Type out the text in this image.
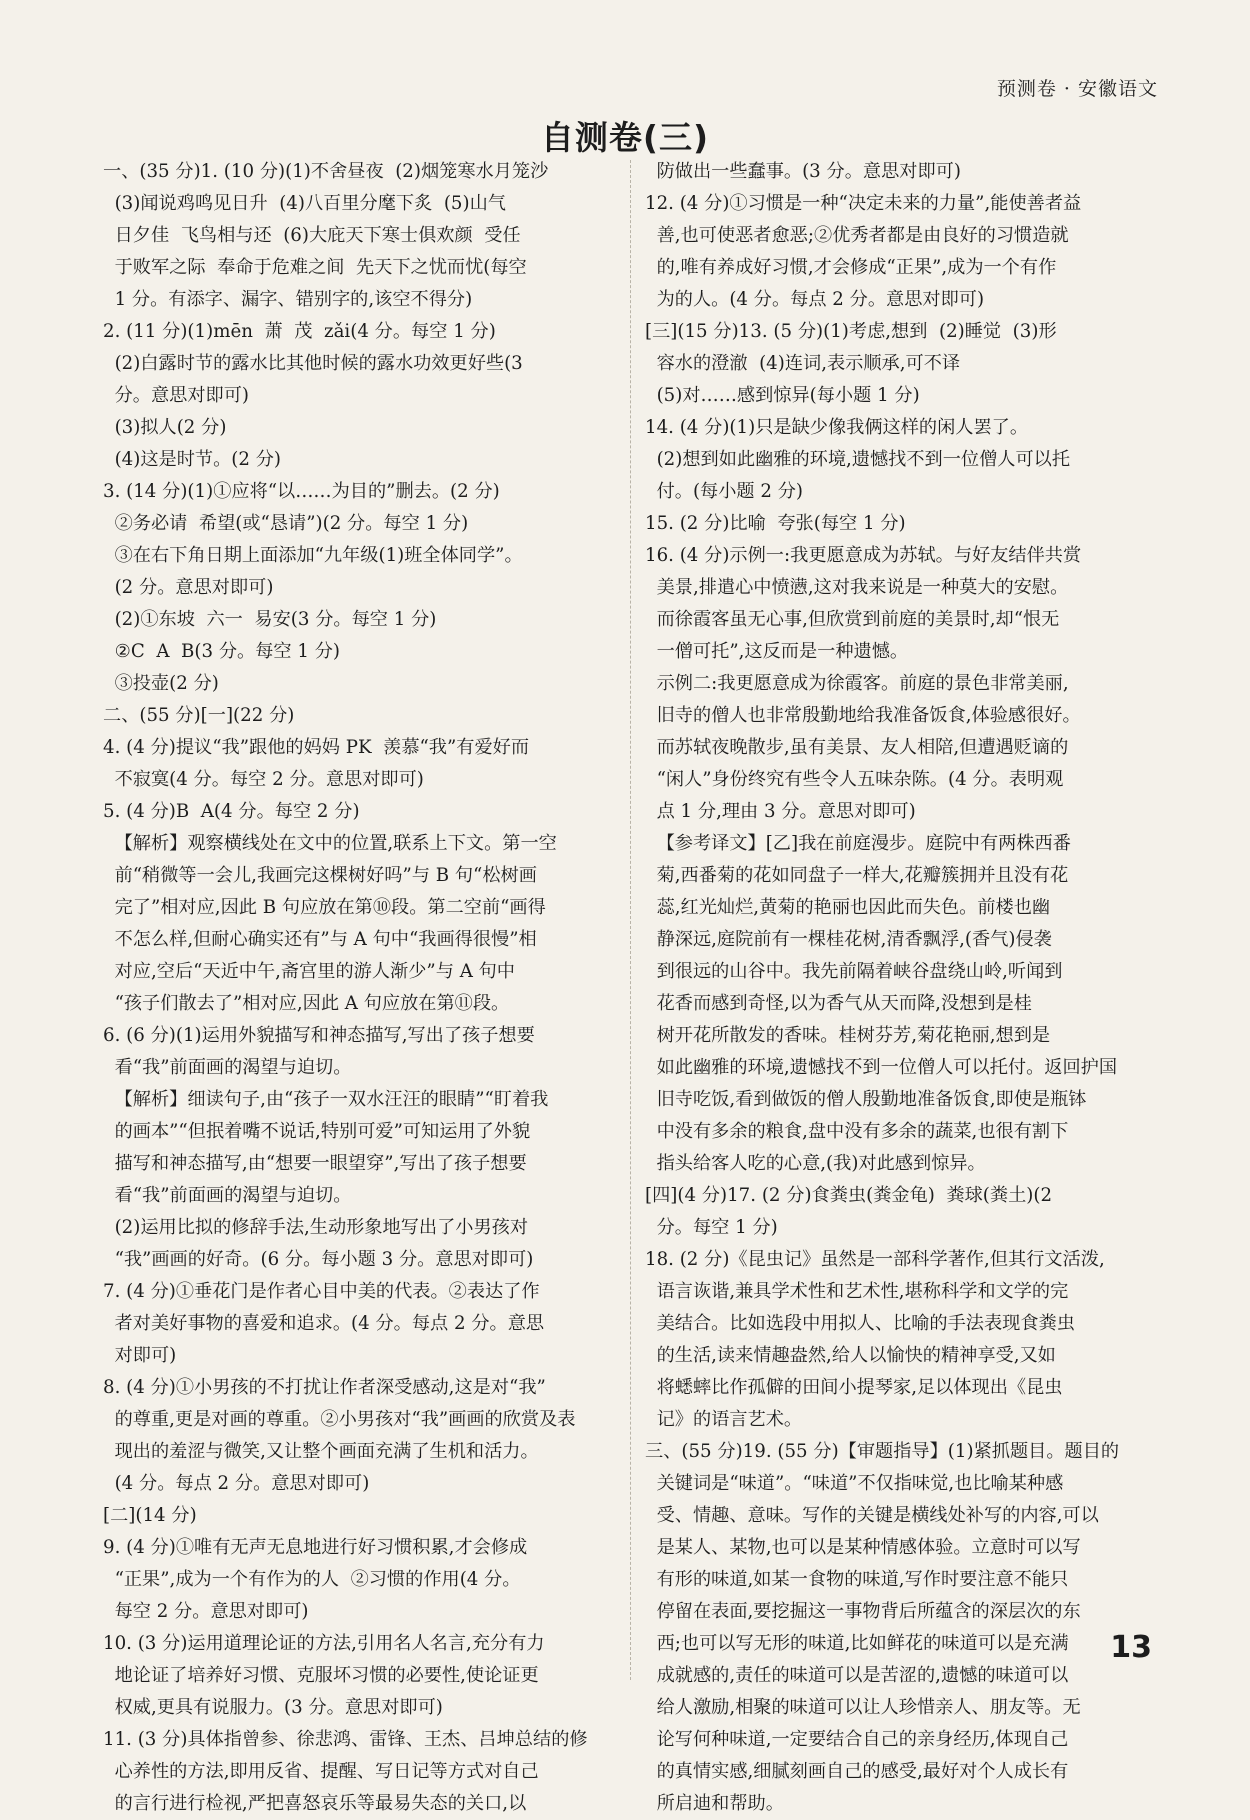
预测卷 · 安徽语文
自测卷(三)
一、(35 分)1. (10 分)(1)不舍昼夜  (2)烟笼寒水月笼沙
(3)闻说鸡鸣见日升  (4)八百里分麾下炙  (5)山气
日夕佳  飞鸟相与还  (6)大庇天下寒士俱欢颜  受任
于败军之际  奉命于危难之间  先天下之忧而忧(每空
1 分。有添字、漏字、错别字的,该空不得分)
2. (11 分)(1)mēn  萧  茂  zǎi(4 分。每空 1 分)
(2)白露时节的露水比其他时候的露水功效更好些(3
分。意思对即可)
(3)拟人(2 分)
(4)这是时节。(2 分)
3. (14 分)(1)①应将“以……为目的”删去。(2 分)
②务必请  希望(或“恳请”)(2 分。每空 1 分)
③在右下角日期上面添加“九年级(1)班全体同学”。
(2 分。意思对即可)
(2)①东坡  六一  易安(3 分。每空 1 分)
②C  A  B(3 分。每空 1 分)
③投壶(2 分)
二、(55 分)[一](22 分)
4. (4 分)提议“我”跟他的妈妈 PK  羡慕“我”有爱好而
不寂寞(4 分。每空 2 分。意思对即可)
5. (4 分)B  A(4 分。每空 2 分)
【解析】观察横线处在文中的位置,联系上下文。第一空
前“稍微等一会儿,我画完这棵树好吗”与 B 句“松树画
完了”相对应,因此 B 句应放在第⑩段。第二空前“画得
不怎么样,但耐心确实还有”与 A 句中“我画得很慢”相
对应,空后“天近中午,斋宫里的游人渐少”与 A 句中
“孩子们散去了”相对应,因此 A 句应放在第⑪段。
6. (6 分)(1)运用外貌描写和神态描写,写出了孩子想要
看“我”前面画的渴望与迫切。
【解析】细读句子,由“孩子一双水汪汪的眼睛”“盯着我
的画本”“但抿着嘴不说话,特别可爱”可知运用了外貌
描写和神态描写,由“想要一眼望穿”,写出了孩子想要
看“我”前面画的渴望与迫切。
(2)运用比拟的修辞手法,生动形象地写出了小男孩对
“我”画画的好奇。(6 分。每小题 3 分。意思对即可)
7. (4 分)①垂花门是作者心目中美的代表。②表达了作
者对美好事物的喜爱和追求。(4 分。每点 2 分。意思
对即可)
8. (4 分)①小男孩的不打扰让作者深受感动,这是对“我”
的尊重,更是对画的尊重。②小男孩对“我”画画的欣赏及表
现出的羞涩与微笑,又让整个画面充满了生机和活力。
(4 分。每点 2 分。意思对即可)
[二](14 分)
9. (4 分)①唯有无声无息地进行好习惯积累,才会修成
“正果”,成为一个有作为的人  ②习惯的作用(4 分。
每空 2 分。意思对即可)
10. (3 分)运用道理论证的方法,引用名人名言,充分有力
地论证了培养好习惯、克服坏习惯的必要性,使论证更
权威,更具有说服力。(3 分。意思对即可)
11. (3 分)具体指曾参、徐悲鸿、雷锋、王杰、吕坤总结的修
心养性的方法,即用反省、提醒、写日记等方式对自己
的言行进行检视,严把喜怒哀乐等最易失态的关口,以
防做出一些蠢事。(3 分。意思对即可)
12. (4 分)①习惯是一种“决定未来的力量”,能使善者益
善,也可使恶者愈恶;②优秀者都是由良好的习惯造就
的,唯有养成好习惯,才会修成“正果”,成为一个有作
为的人。(4 分。每点 2 分。意思对即可)
[三](15 分)13. (5 分)(1)考虑,想到  (2)睡觉  (3)形
容水的澄澈  (4)连词,表示顺承,可不译
(5)对……感到惊异(每小题 1 分)
14. (4 分)(1)只是缺少像我俩这样的闲人罢了。
(2)想到如此幽雅的环境,遗憾找不到一位僧人可以托
付。(每小题 2 分)
15. (2 分)比喻  夸张(每空 1 分)
16. (4 分)示例一:我更愿意成为苏轼。与好友结伴共赏
美景,排遣心中愤懑,这对我来说是一种莫大的安慰。
而徐霞客虽无心事,但欣赏到前庭的美景时,却“恨无
一僧可托”,这反而是一种遗憾。
示例二:我更愿意成为徐霞客。前庭的景色非常美丽,
旧寺的僧人也非常殷勤地给我准备饭食,体验感很好。
而苏轼夜晚散步,虽有美景、友人相陪,但遭遇贬谪的
“闲人”身份终究有些令人五味杂陈。(4 分。表明观
点 1 分,理由 3 分。意思对即可)
【参考译文】[乙]我在前庭漫步。庭院中有两株西番
菊,西番菊的花如同盘子一样大,花瓣簇拥并且没有花
蕊,红光灿烂,黄菊的艳丽也因此而失色。前楼也幽
静深远,庭院前有一棵桂花树,清香飘浮,(香气)侵袭
到很远的山谷中。我先前隔着峡谷盘绕山岭,听闻到
花香而感到奇怪,以为香气从天而降,没想到是桂
树开花所散发的香味。桂树芬芳,菊花艳丽,想到是
如此幽雅的环境,遗憾找不到一位僧人可以托付。返回护国
旧寺吃饭,看到做饭的僧人殷勤地准备饭食,即使是瓶钵
中没有多余的粮食,盘中没有多余的蔬菜,也很有割下
指头给客人吃的心意,(我)对此感到惊异。
[四](4 分)17. (2 分)食粪虫(粪金龟)  粪球(粪土)(2
分。每空 1 分)
18. (2 分)《昆虫记》虽然是一部科学著作,但其行文活泼,
语言诙谐,兼具学术性和艺术性,堪称科学和文学的完
美结合。比如选段中用拟人、比喻的手法表现食粪虫
的生活,读来情趣盎然,给人以愉快的精神享受,又如
将蟋蟀比作孤僻的田间小提琴家,足以体现出《昆虫
记》的语言艺术。
三、(55 分)19. (55 分)【审题指导】(1)紧抓题目。题目的
关键词是“味道”。“味道”不仅指味觉,也比喻某种感
受、情趣、意味。写作的关键是横线处补写的内容,可以
是某人、某物,也可以是某种情感体验。立意时可以写
有形的味道,如某一食物的味道,写作时要注意不能只
停留在表面,要挖掘这一事物背后所蕴含的深层次的东
西;也可以写无形的味道,比如鲜花的味道可以是充满
成就感的,责任的味道可以是苦涩的,遗憾的味道可以
给人激励,相聚的味道可以让人珍惜亲人、朋友等。无
论写何种味道,一定要结合自己的亲身经历,体现自己
的真情实感,细腻刻画自己的感受,最好对个人成长有
所启迪和帮助。
13
